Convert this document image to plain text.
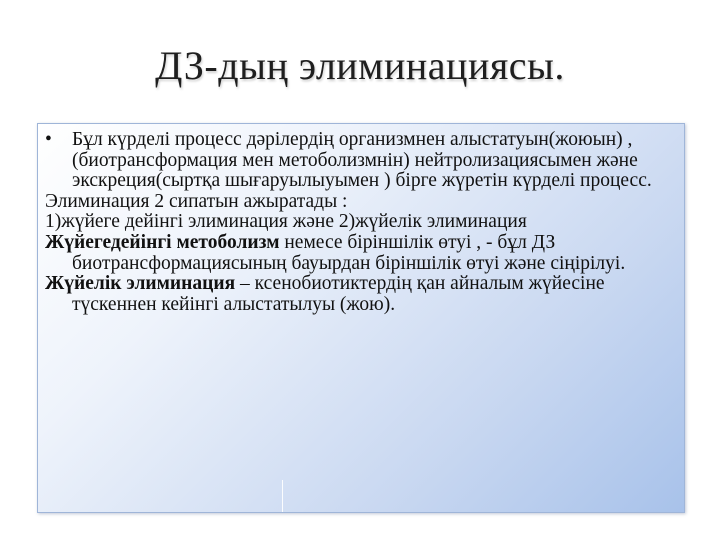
ДЗ-дың элиминациясы.

• Бұл күрделі процесс дәрілердің организмнен алыстатуын(жоюын) ,(биотрансформация мен метоболизмнін) нейтролизациясымен және экскреция(сыртқа шығаруылыуымен ) бірге жүретін күрделі процесс.

Элиминация 2 сипатын ажыратады :

1)жүйеге дейінгі элиминация және 2)жүйелік элиминация

Жүйегедейінгі метоболизм немесе біріншілік өтуі , - бұл ДЗ биотрансформациясының бауырдан біріншілік өтуі және сіңірілуі.

Жүйелік элиминация – ксенобиотиктердің қан айналым жүйесіне түскеннен кейінгі алыстатылуы (жою).
